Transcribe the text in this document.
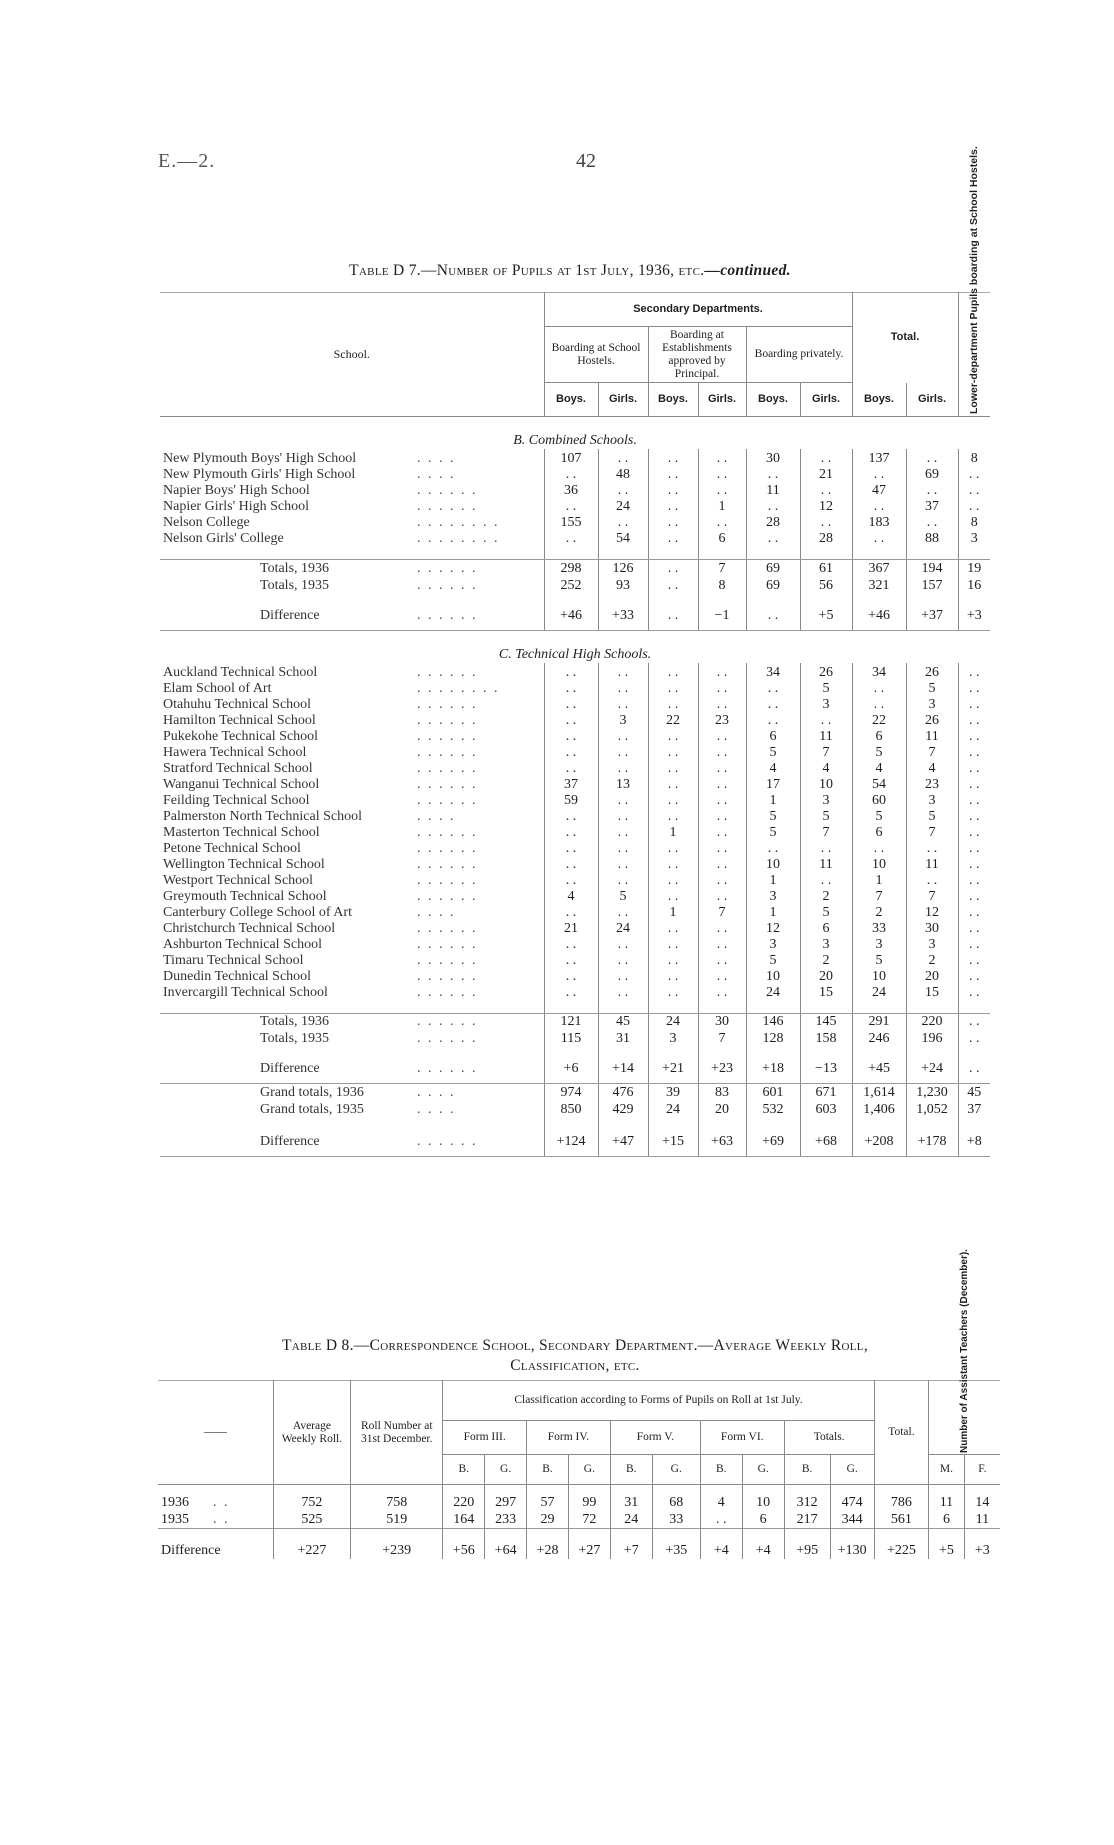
E.—2.	42
Table D 7.—Number of Pupils at 1st July, 1936, etc.—continued.
School.		Secondary Departments.						Total.		Lower-department Pupils boarding at School Hostels.

		Boarding at School Hostels.		Boarding at Establishments approved by Principal.		Boarding privately.				
		Boys.	Girls.	Boys.	Girls.	Boys.	Girls.	Boys.	Girls.	
B. Combined Schools.										
New Plymouth Boys' High School	. . . .	107	. .	. .	. .	30	. .	137	. .	8
New Plymouth Girls' High School	. . . .	. .	48	. .	. .	. .	21	. .	69	. .
Napier Boys' High School	. . . . . .	36	. .	. .	. .	11	. .	47	. .	. .
Napier Girls' High School	. . . . . .	. .	24	. .	1	. .	12	. .	37	. .
Nelson College	. . . . . . . .	155	. .	. .	. .	28	. .	183	. .	8
Nelson Girls' College	. . . . . . . .	. .	54	. .	6	. .	28	. .	88	3

Totals, 1936	. . . . . .	298	126	. .	7	69	61	367	194	19
Totals, 1935	. . . . . .	252	93	. .	8	69	56	321	157	16

Difference	. . . . . .	+46	+33	. .	−1	. .	+5	+46	+37	+3

C. Technical High Schools.										
Auckland Technical School	. . . . . .	. .	. .	. .	. .	34	26	34	26	. .
Elam School of Art	. . . . . . . .	. .	. .	. .	. .	. .	5	. .	5	. .
Otahuhu Technical School	. . . . . .	. .	. .	. .	. .	. .	3	. .	3	. .
Hamilton Technical School	. . . . . .	. .	3	22	23	. .	. .	22	26	. .
Pukekohe Technical School	. . . . . .	. .	. .	. .	. .	6	11	6	11	. .
Hawera Technical School	. . . . . .	. .	. .	. .	. .	5	7	5	7	. .
Stratford Technical School	. . . . . .	. .	. .	. .	. .	4	4	4	4	. .
Wanganui Technical School	. . . . . .	37	13	. .	. .	17	10	54	23	. .
Feilding Technical School	. . . . . .	59	. .	. .	. .	1	3	60	3	. .
Palmerston North Technical School	. . . .	. .	. .	. .	. .	5	5	5	5	. .
Masterton Technical School	. . . . . .	. .	. .	1	. .	5	7	6	7	. .
Petone Technical School	. . . . . .	. .	. .	. .	. .	. .	. .	. .	. .	. .
Wellington Technical School	. . . . . .	. .	. .	. .	. .	10	11	10	11	. .
Westport Technical School	. . . . . .	. .	. .	. .	. .	1	. .	1	. .	. .
Greymouth Technical School	. . . . . .	4	5	. .	. .	3	2	7	7	. .
Canterbury College School of Art	. . . .	. .	. .	1	7	1	5	2	12	. .
Christchurch Technical School	. . . . . .	21	24	. .	. .	12	6	33	30	. .
Ashburton Technical School	. . . . . .	. .	. .	. .	. .	3	3	3	3	. .
Timaru Technical School	. . . . . .	. .	. .	. .	. .	5	2	5	2	. .
Dunedin Technical School	. . . . . .	. .	. .	. .	. .	10	20	10	20	. .
Invercargill Technical School	. . . . . .	. .	. .	. .	. .	24	15	24	15	. .

Totals, 1936	. . . . . .	121	45	24	30	146	145	291	220	. .
Totals, 1935	. . . . . .	115	31	3	7	128	158	246	196	. .

Difference	. . . . . .	+6	+14	+21	+23	+18	−13	+45	+24	. .

Grand totals, 1936	. . . .	974	476	39	83	601	671	1,614	1,230	45
Grand totals, 1935	. . . .	850	429	24	20	532	603	1,406	1,052	37

Difference	. . . . . .	+124	+47	+15	+63	+69	+68	+208	+178	+8

Table D 8.—Correspondence School, Secondary Department.—Average Weekly Roll,
Classification, etc.
——	Average Weekly Roll.	Roll Number at 31st December.	Classification according to Forms of Pupils on Roll at 1st July.										Total.	Number of Assistant Teachers (December).	

			Form III.		Form IV.		Form V.		Form VI.		Totals.				
			B.	G.	B.	G.	B.	G.	B.	G.	B.	G.		M.	F.
1936 . .	752	758	220	297	57	99	31	68	4	10	312	474	786	11	14
1935 . .	525	519	164	233	29	72	24	33	. .	6	217	344	561	6	11
Difference	+227	+239	+56	+64	+28	+27	+7	+35	+4	+4	+95	+130	+225	+5	+3
